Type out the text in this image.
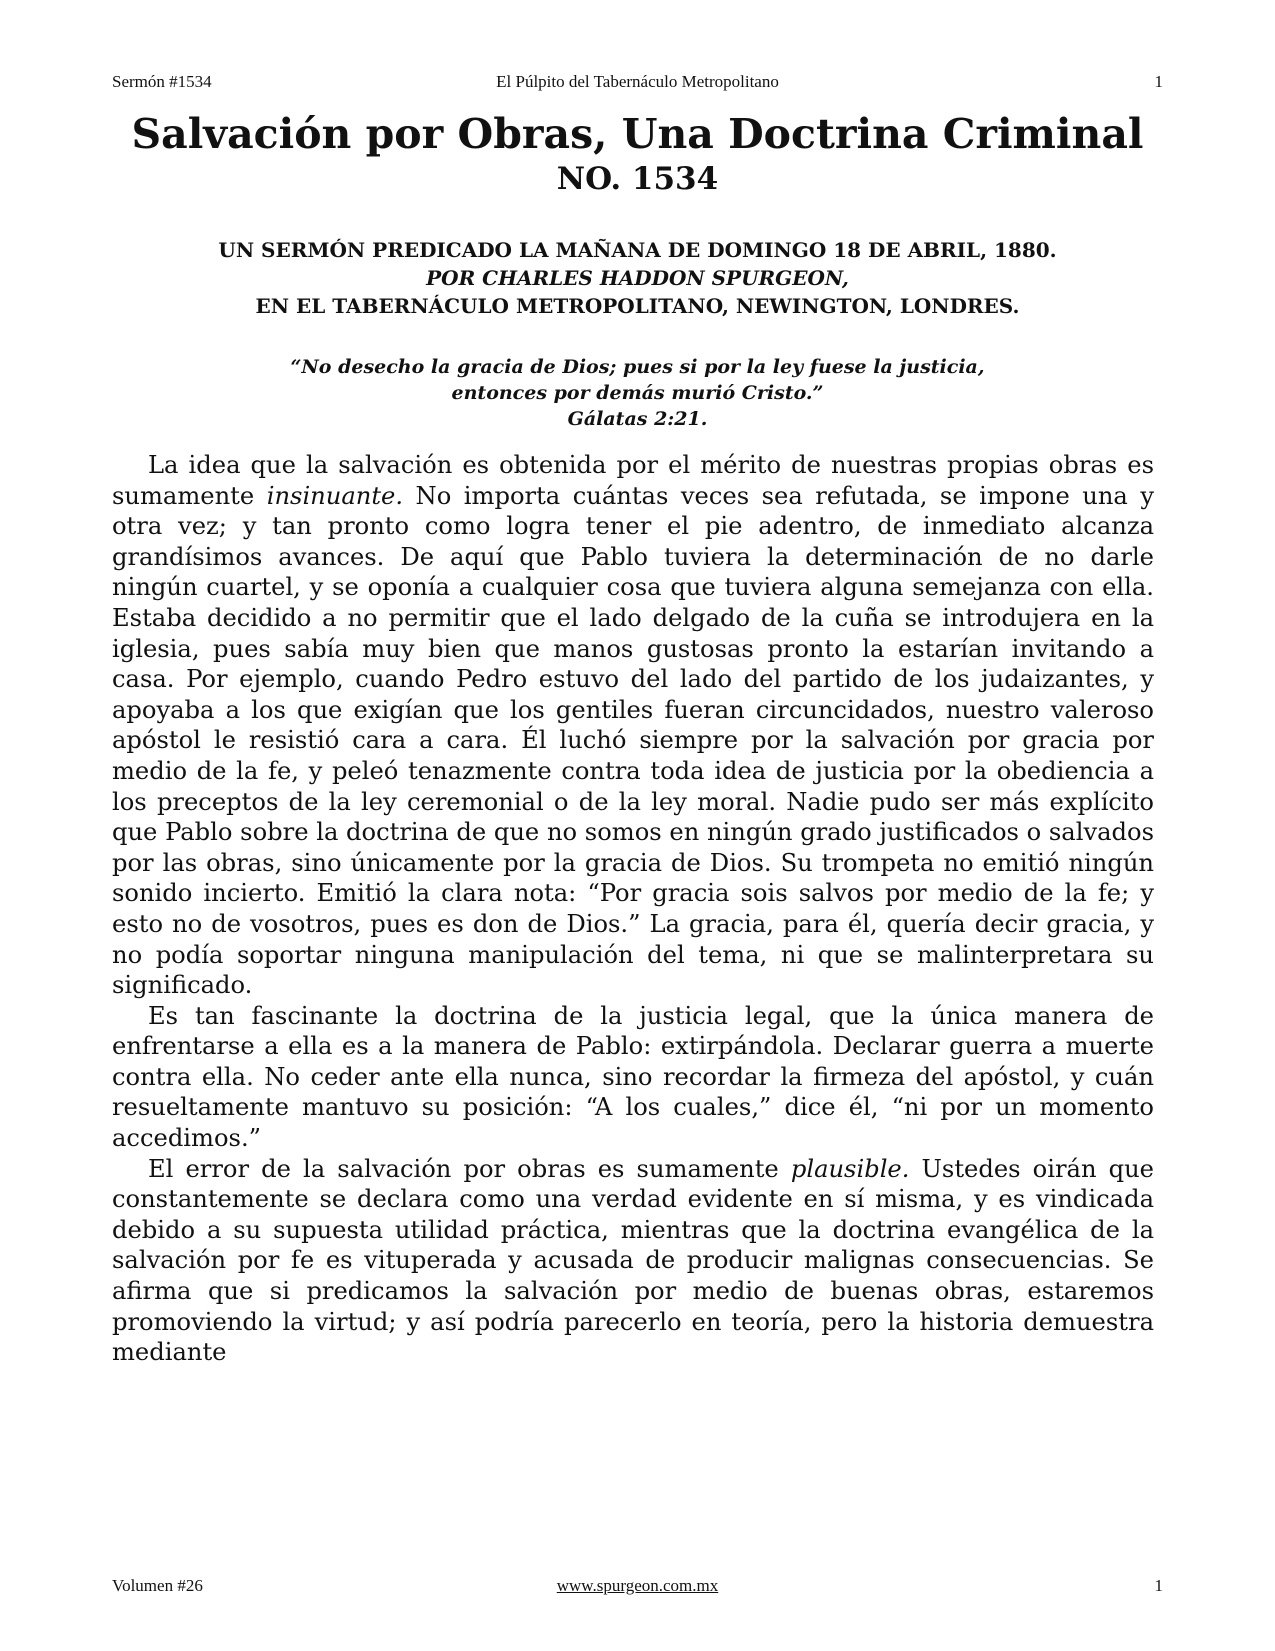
Sermón #1534	El Púlpito del Tabernáculo Metropolitano	1
Salvación por Obras, Una Doctrina Criminal
NO. 1534
UN SERMÓN PREDICADO LA MAÑANA DE DOMINGO 18 DE ABRIL, 1880.
POR CHARLES HADDON SPURGEON,
EN EL TABERNÁCULO METROPOLITANO, NEWINGTON, LONDRES.
“No desecho la gracia de Dios; pues si por la ley fuese la justicia,
entonces por demás murió Cristo.”
Gálatas 2:21.

La idea que la salvación es obtenida por el mérito de nuestras propias obras es sumamente insinuante. No importa cuántas veces sea refutada, se impone una y otra vez; y tan pronto como logra tener el pie adentro, de inmediato alcanza grandísimos avances. De aquí que Pablo tuviera la determinación de no darle ningún cuartel, y se oponía a cualquier cosa que tuviera alguna semejanza con ella. Estaba decidido a no permitir que el lado delgado de la cuña se introdujera en la iglesia, pues sabía muy bien que manos gustosas pronto la estarían invitando a casa. Por ejemplo, cuando Pedro estuvo del lado del partido de los judaizantes, y apoyaba a los que exigían que los gentiles fueran circuncidados, nuestro valeroso apóstol le resistió cara a cara. Él luchó siempre por la salvación por gracia por medio de la fe, y peleó tenazmente contra toda idea de justicia por la obediencia a los preceptos de la ley ceremonial o de la ley moral. Nadie pudo ser más explícito que Pablo sobre la doctrina de que no somos en ningún grado justificados o salvados por las obras, sino únicamente por la gracia de Dios. Su trompeta no emitió ningún sonido incierto. Emitió la clara nota: “Por gracia sois salvos por medio de la fe; y esto no de vosotros, pues es don de Dios.” La gracia, para él, quería decir gracia, y no podía soportar ninguna manipulación del tema, ni que se malinterpretara su significado.

Es tan fascinante la doctrina de la justicia legal, que la única manera de enfrentarse a ella es a la manera de Pablo: extirpándola. Declarar guerra a muerte contra ella. No ceder ante ella nunca, sino recordar la firmeza del apóstol, y cuán resueltamente mantuvo su posición: “A los cuales,” dice él, “ni por un momento accedimos.”

El error de la salvación por obras es sumamente plausible. Ustedes oirán que constantemente se declara como una verdad evidente en sí misma, y es vindicada debido a su supuesta utilidad práctica, mientras que la doctrina evangélica de la salvación por fe es vituperada y acusada de producir malignas consecuencias. Se afirma que si predicamos la salvación por medio de buenas obras, estaremos promoviendo la virtud; y así podría parecerlo en teoría, pero la historia demuestra mediante

Volumen #26	www.spurgeon.com.mx	1
